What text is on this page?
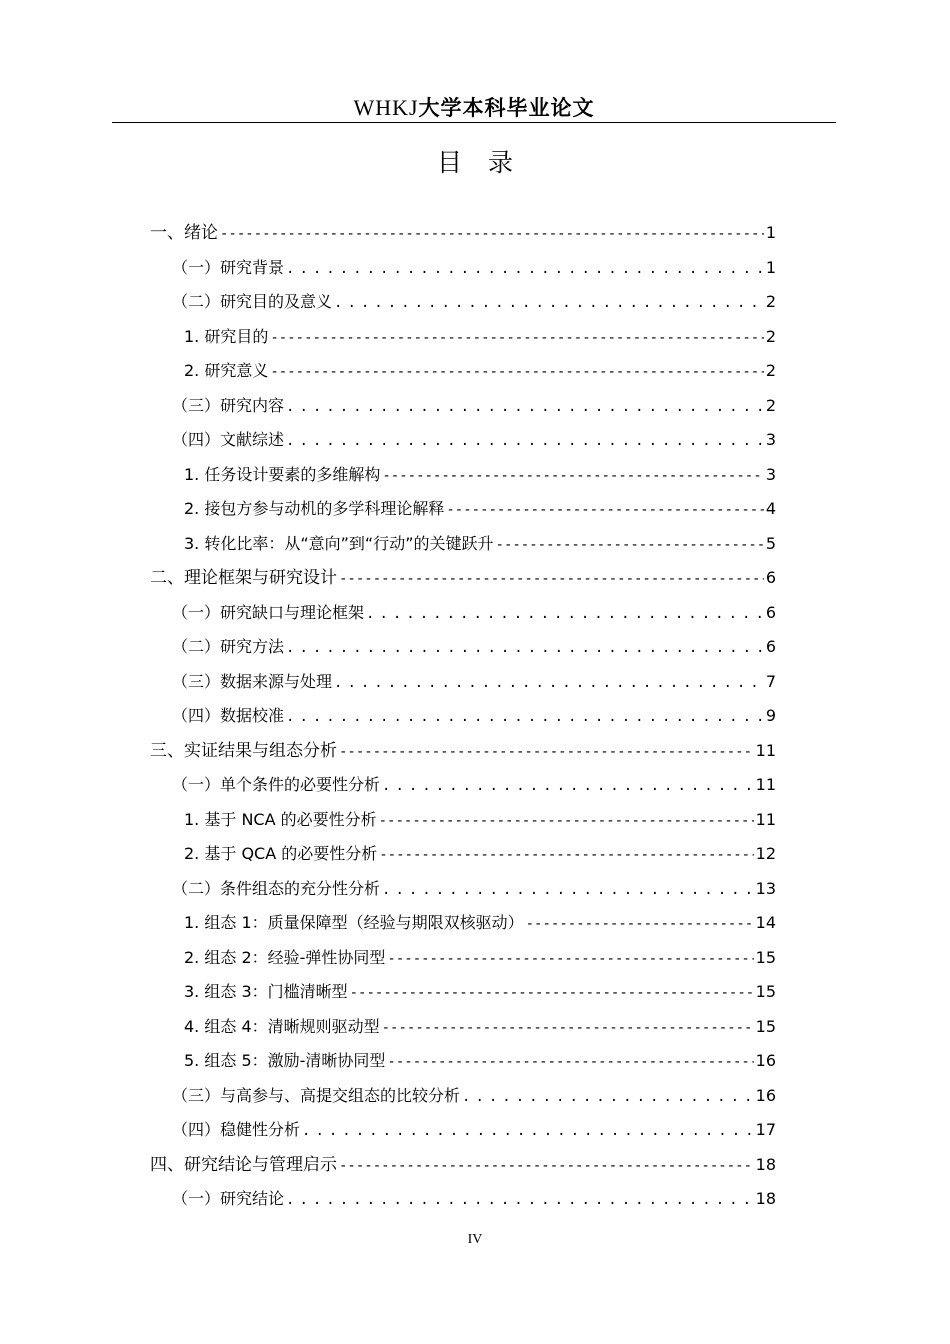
WHKJ大学本科毕业论文
目录
一、绪论 -----	1
（一）研究背景 .....	1
（二）研究目的及意义 .....	2
1. 研究目的 -----	2
2. 研究意义 -----	2
（三）研究内容 .....	2
（四）文献综述 .....	3
1. 任务设计要素的多维解构 -----	3
2. 接包方参与动机的多学科理论解释 -----	4
3. 转化比率：从“意向”到“行动”的关键跃升 -----	5
二、理论框架与研究设计 -----	6
（一）研究缺口与理论框架 .....	6
（二）研究方法 .....	6
（三）数据来源与处理 .....	7
（四）数据校准 .....	9
三、实证结果与组态分析 -----	11
（一）单个条件的必要性分析 .....	11
1. 基于 NCA 的必要性分析 -----	11
2. 基于 QCA 的必要性分析 -----	12
（二）条件组态的充分性分析 .....	13
1. 组态 1：质量保障型（经验与期限双核驱动） -----	14
2. 组态 2：经验-弹性协同型 -----	15
3. 组态 3：门槛清晰型 -----	15
4. 组态 4：清晰规则驱动型 -----	15
5. 组态 5：激励-清晰协同型 -----	16
（三）与高参与、高提交组态的比较分析 .....	16
（四）稳健性分析 .....	17
四、研究结论与管理启示 -----	18
（一）研究结论 .....	18
IV
